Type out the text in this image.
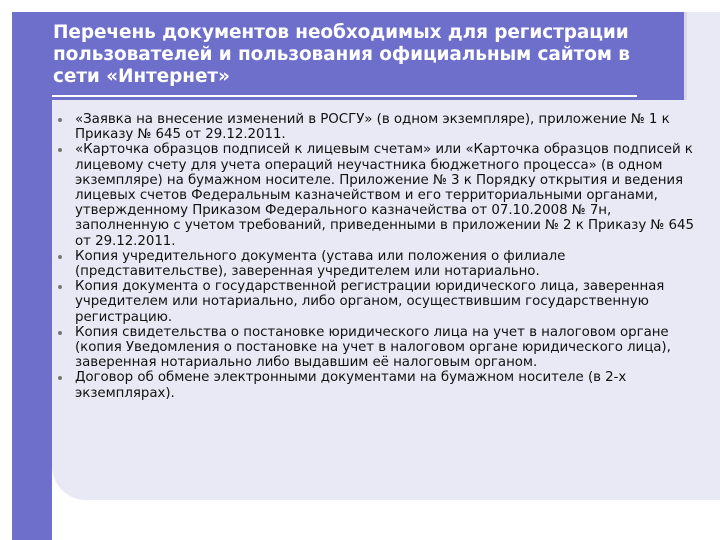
Перечень документов необходимых для регистрации пользователей и пользования официальным сайтом в сети «Интернет»
«Заявка на внесение изменений в РОСГУ» (в одном экземпляре), приложение № 1 к Приказу № 645 от 29.12.2011.
«Карточка образцов подписей к лицевым счетам» или «Карточка образцов подписей к лицевому счету для учета операций неучастника бюджетного процесса» (в одном экземпляре) на бумажном носителе. Приложение № 3 к Порядку открытия и ведения лицевых счетов Федеральным казначейством и его территориальными органами, утвержденному Приказом Федерального казначейства от 07.10.2008 № 7н, заполненную с учетом требований, приведенными в приложении № 2 к Приказу № 645 от 29.12.2011.
Копия учредительного документа (устава или положения о филиале (представительстве), заверенная учредителем или нотариально.
Копия документа о государственной регистрации юридического лица, заверенная учредителем или нотариально, либо органом, осуществившим государственную регистрацию.
Копия свидетельства о постановке юридического лица на учет в налоговом органе (копия Уведомления о постановке на учет в налоговом органе юридического лица), заверенная нотариально либо выдавшим её налоговым органом.
Договор об обмене электронными документами на бумажном носителе (в 2-х экземплярах).
